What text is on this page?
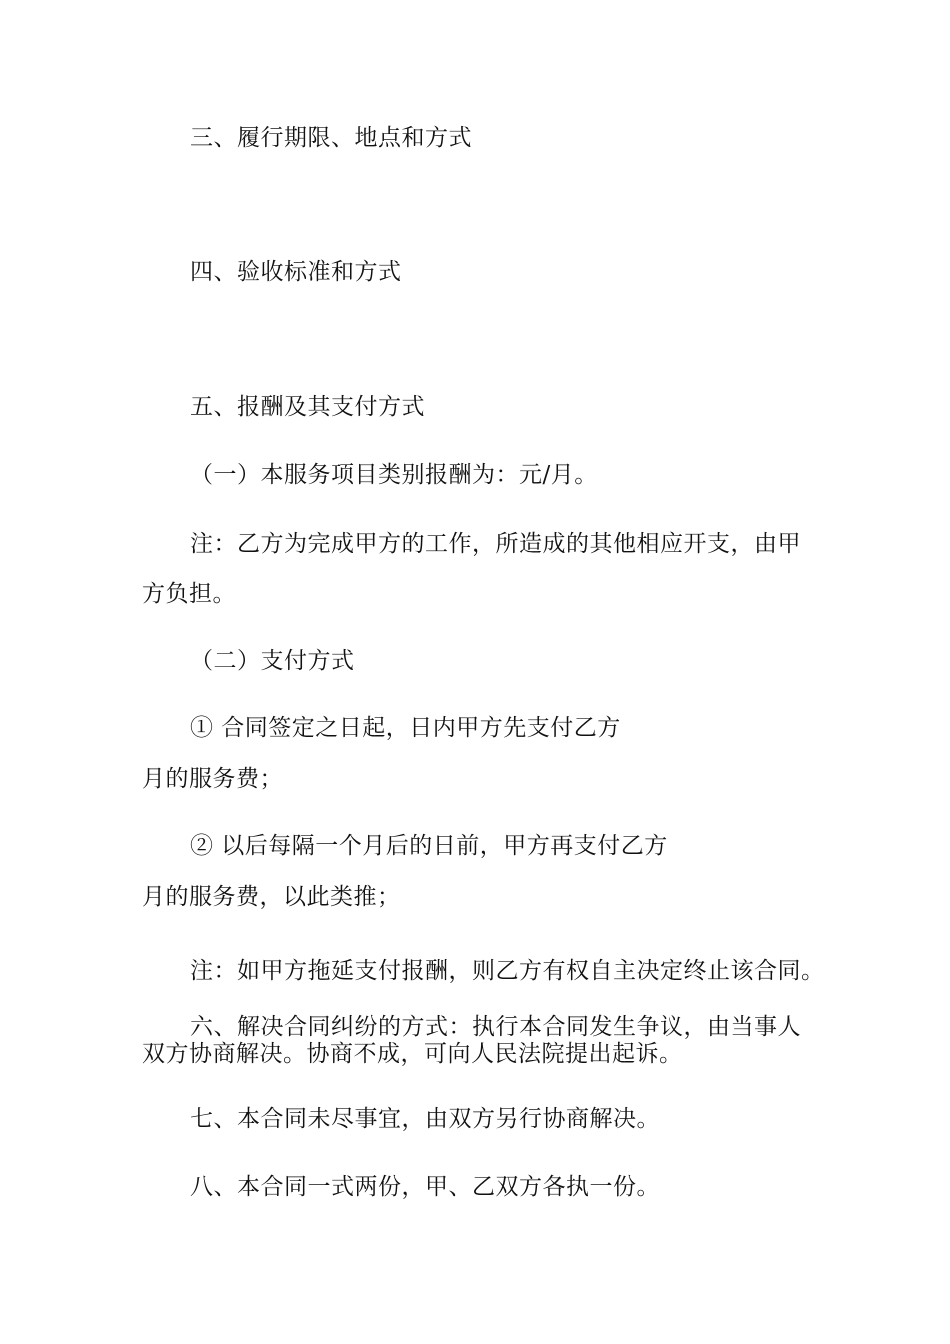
三、履行期限、地点和方式
四、验收标准和方式
五、报酬及其支付方式
（一）本服务项目类别报酬为：元/月。
注：乙方为完成甲方的工作，所造成的其他相应开支，由甲
方负担。
（二）支付方式
① 合同签定之日起，日内甲方先支付乙方
月的服务费；
② 以后每隔一个月后的日前，甲方再支付乙方
月的服务费，以此类推；
注：如甲方拖延支付报酬，则乙方有权自主决定终止该合同。
六、解决合同纠纷的方式：执行本合同发生争议，由当事人
双方协商解决。协商不成，可向人民法院提出起诉。
七、本合同未尽事宜，由双方另行协商解决。
八、本合同一式两份，甲、乙双方各执一份。
